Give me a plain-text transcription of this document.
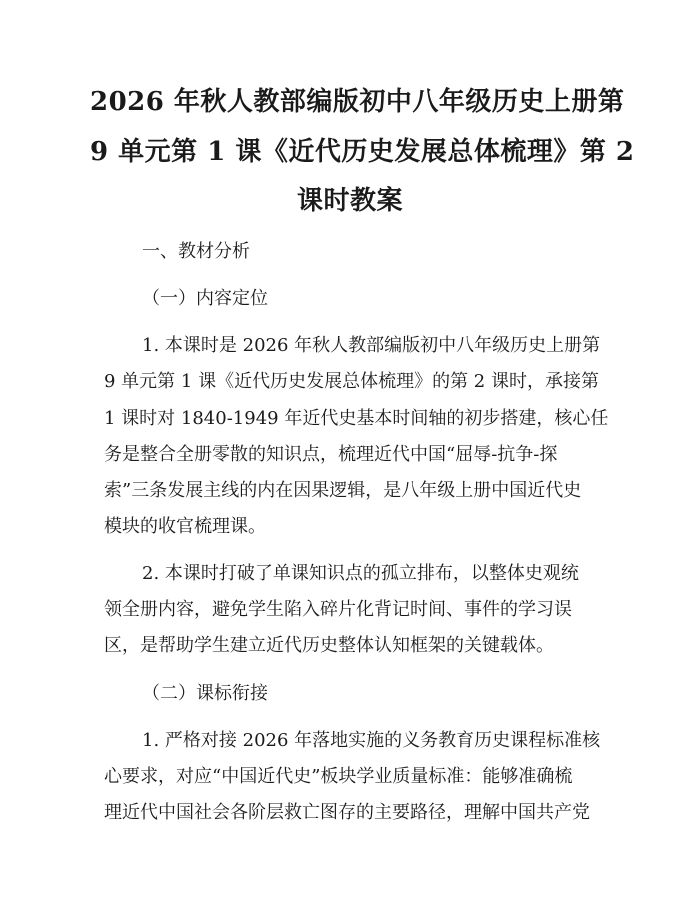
2026 年秋人教部编版初中八年级历史上册第
9 单元第 1 课《近代历史发展总体梳理》第 2
课时教案
一、教材分析
（一）内容定位
1. 本课时是 2026 年秋人教部编版初中八年级历史上册第
9 单元第 1 课《近代历史发展总体梳理》的第 2 课时，承接第
1 课时对 1840-1949 年近代史基本时间轴的初步搭建，核心任
务是整合全册零散的知识点，梳理近代中国“屈辱-抗争-探
索”三条发展主线的内在因果逻辑，是八年级上册中国近代史
模块的收官梳理课。
2. 本课时打破了单课知识点的孤立排布，以整体史观统
领全册内容，避免学生陷入碎片化背记时间、事件的学习误
区，是帮助学生建立近代历史整体认知框架的关键载体。
（二）课标衔接
1. 严格对接 2026 年落地实施的义务教育历史课程标准核
心要求，对应“中国近代史”板块学业质量标准：能够准确梳
理近代中国社会各阶层救亡图存的主要路径，理解中国共产党
